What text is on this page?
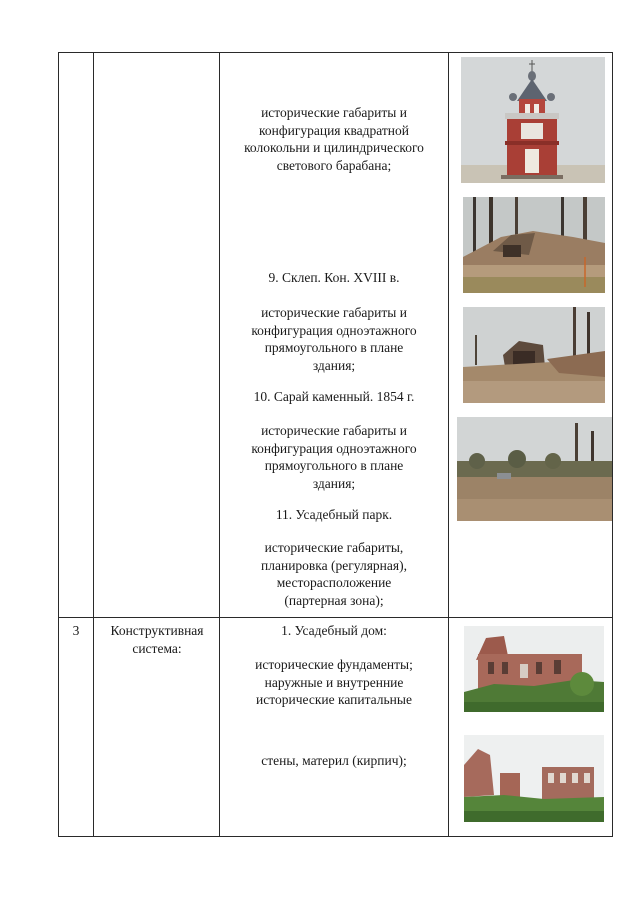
исторические габариты и
конфигурация квадратной
колокольни и цилиндрического
светового барабана;
9. Склеп. Кон. XVIII в.
исторические габариты и
конфигурация одноэтажного
прямоугольного в плане
здания;
10. Сарай каменный. 1854 г.
исторические габариты и
конфигурация одноэтажного
прямоугольного в плане
здания;
11. Усадебный парк.
исторические габариты,
планировка (регулярная),
месторасположение
(партерная зона);
3	Конструктивная
система:
1. Усадебный дом:
исторические фундаменты;
наружные и внутренние
исторические капитальные
стены, материл (кирпич);
